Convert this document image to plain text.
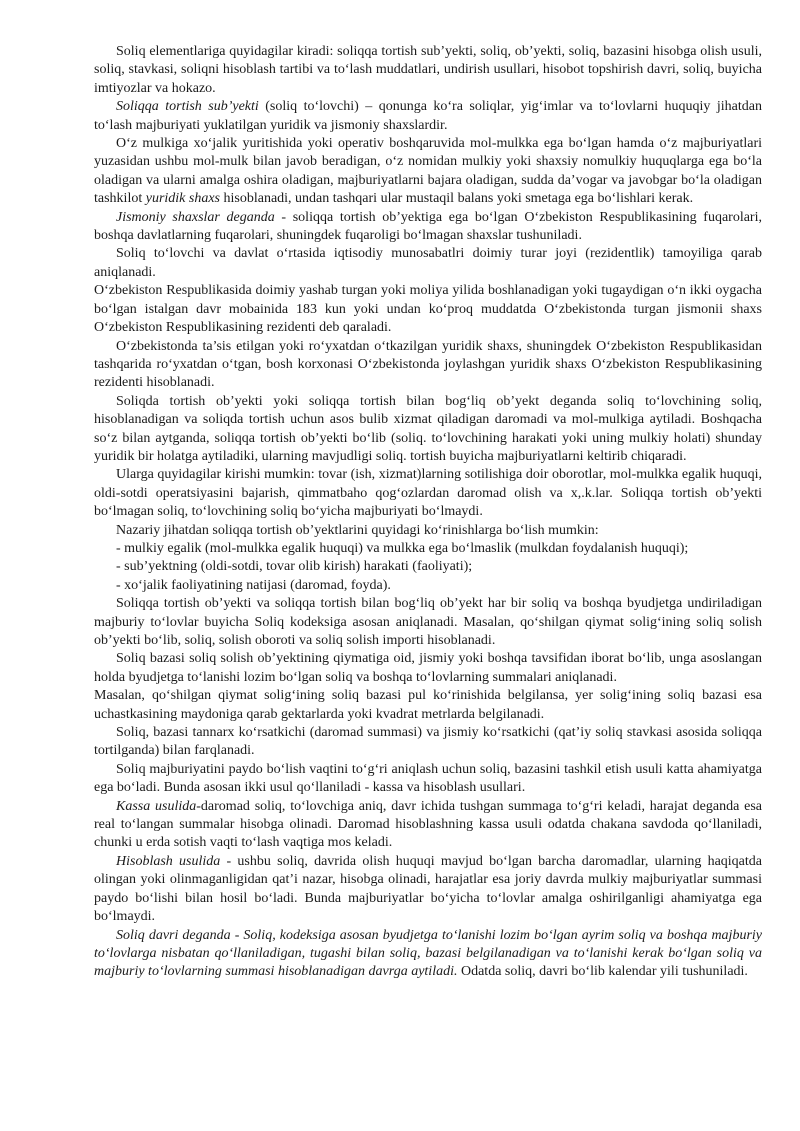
Soliq elementlariga quyidagilar kiradi: soliqqa tortish sub’yekti, soliq, ob’yekti, soliq, bazasini hisobga olish usuli, soliq, stavkasi, soliqni hisoblash tartibi va to‘lash muddatlari, undirish usullari, hisobot topshirish davri, soliq, buyicha imtiyozlar va hokazo.

Soliqqa tortish sub’yekti (soliq to‘lovchi) – qonunga ko‘ra soliqlar, yig‘imlar va to‘lovlarni huquqiy jihatdan to‘lash majburiyati yuklatilgan yuridik va jismoniy shaxslardir.

O‘z mulkiga xo‘jalik yuritishida yoki operativ boshqaruvida mol-mulkka ega bo‘lgan hamda o‘z majburiyatlari yuzasidan ushbu mol-mulk bilan javob beradigan, o‘z nomidan mulkiy yoki shaxsiy nomulkiy huquqlarga ega bo‘la oladigan va ularni amalga oshira oladigan, majburiyatlarni bajara oladigan, sudda da’vogar va javobgar bo‘la oladigan tashkilot yuridik shaxs hisoblanadi, undan tashqari ular mustaqil balans yoki smetaga ega bo‘lishlari kerak.

Jismoniy shaxslar deganda - soliqqa tortish ob’yektiga ega bo‘lgan O‘zbekiston Respublikasining fuqarolari, boshqa davlatlarning fuqarolari, shuningdek fuqaroligi bo‘lmagan shaxslar tushuniladi.

Soliq to‘lovchi va davlat o‘rtasida iqtisodiy munosabatlri doimiy turar joyi (rezidentlik) tamoyiliga qarab aniqlanadi.

O‘zbekiston Respublikasida doimiy yashab turgan yoki moliya yilida boshlanadigan yoki tugaydigan o‘n ikki oygacha bo‘lgan istalgan davr mobainida 183 kun yoki undan ko‘proq muddatda O‘zbekistonda turgan jismonii shaxs O‘zbekiston Respublikasining rezidenti deb qaraladi.

O‘zbekistonda ta’sis etilgan yoki ro‘yxatdan o‘tkazilgan yuridik shaxs, shuningdek O‘zbekiston Respublikasidan tashqarida ro‘yxatdan o‘tgan, bosh korxonasi O‘zbekistonda joylashgan yuridik shaxs O‘zbekiston Respublikasining rezidenti hisoblanadi.

Soliqda tortish ob’yekti yoki soliqqa tortish bilan bog‘liq ob’yekt deganda soliq to‘lovchining soliq, hisoblanadigan va soliqda tortish uchun asos bulib xizmat qiladigan daromadi va mol-mulkiga aytiladi. Boshqacha so‘z bilan aytganda, soliqqa tortish ob’yekti bo‘lib (soliq. to‘lovchining harakati yoki uning mulkiy holati) shunday yuridik bir holatga aytiladiki, ularning mavjudligi soliq. tortish buyicha majburiyatlarni keltirib chiqaradi.

Ularga quyidagilar kirishi mumkin: tovar (ish, xizmat)larning sotilishiga doir oborotlar, mol-mulkka egalik huquqi, oldi-sotdi operatsiyasini bajarish, qimmatbaho qog‘ozlardan daromad olish va x,.k.lar. Soliqqa tortish ob’yekti bo‘lmagan soliq, to‘lovchining soliq bo‘yicha majburiyati bo‘lmaydi.

Nazariy jihatdan soliqqa tortish ob’yektlarini quyidagi ko‘rinishlarga bo‘lish mumkin:

- mulkiy egalik (mol-mulkka egalik huquqi) va mulkka ega bo‘lmaslik (mulkdan foydalanish huquqi);

- sub’yektning (oldi-sotdi, tovar olib kirish) harakati (faoliyati);

- xo‘jalik faoliyatining natijasi (daromad, foyda).

Soliqqa tortish ob’yekti va soliqqa tortish bilan bog‘liq ob’yekt har bir soliq va boshqa byudjetga undiriladigan majburiy to‘lovlar buyicha Soliq kodeksiga asosan aniqlanadi. Masalan, qo‘shilgan qiymat solig‘ining soliq solish ob’yekti bo‘lib, soliq, solish oboroti va soliq solish importi hisoblanadi.

Soliq bazasi soliq solish ob’yektining qiymatiga oid, jismiy yoki boshqa tavsifidan iborat bo‘lib, unga asoslangan holda byudjetga to‘lanishi lozim bo‘lgan soliq va boshqa to‘lovlarning summalari aniqlanadi.

Masalan, qo‘shilgan qiymat solig‘ining soliq bazasi pul ko‘rinishida belgilansa, yer solig‘ining soliq bazasi esa uchastkasining maydoniga qarab gektarlarda yoki kvadrat metrlarda belgilanadi.

Soliq, bazasi tannarx ko‘rsatkichi (daromad summasi) va jismiy ko‘rsatkichi (qat’iy soliq stavkasi asosida soliqqa tortilganda) bilan farqlanadi.

Soliq majburiyatini paydo bo‘lish vaqtini to‘g‘ri aniqlash uchun soliq, bazasini tashkil etish usuli katta ahamiyatga ega bo‘ladi. Bunda asosan ikki usul qo‘llaniladi - kassa va hisoblash usullari.

Kassa usulida-daromad soliq, to‘lovchiga aniq, davr ichida tushgan summaga to‘g‘ri keladi, harajat deganda esa real to‘langan summalar hisobga olinadi. Daromad hisoblashning kassa usuli odatda chakana savdoda qo‘llaniladi, chunki u erda sotish vaqti to‘lash vaqtiga mos keladi.

Hisoblash usulida - ushbu soliq, davrida olish huquqi mavjud bo‘lgan barcha daromadlar, ularning haqiqatda olingan yoki olinmaganligidan qat’i nazar, hisobga olinadi, harajatlar esa joriy davrda mulkiy majburiyatlar summasi paydo bo‘lishi bilan hosil bo‘ladi. Bunda majburiyatlar bo‘yicha to‘lovlar amalga oshirilganligi ahamiyatga ega bo‘lmaydi.

Soliq davri deganda - Soliq, kodeksiga asosan byudjetga to‘lanishi lozim bo‘lgan ayrim soliq va boshqa majburiy to‘lovlarga nisbatan qo‘llaniladigan, tugashi bilan soliq, bazasi belgilanadigan va to‘lanishi kerak bo‘lgan soliq va majburiy to‘lovlarning summasi hisoblanadigan davrga aytiladi. Odatda soliq, davri bo‘lib kalendar yili tushuniladi.
